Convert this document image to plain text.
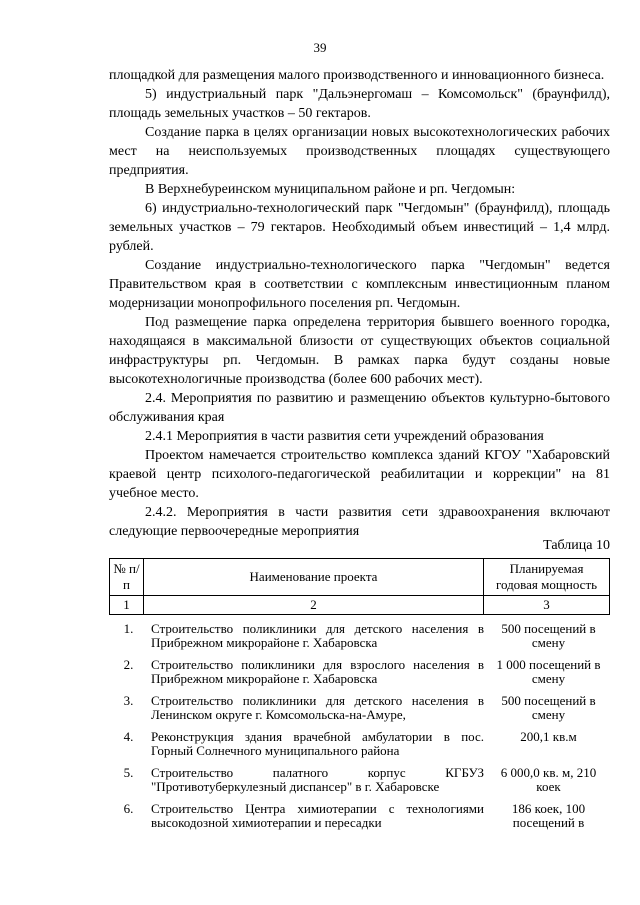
39

площадкой для размещения малого производственного и инновационного бизнеса.

5) индустриальный парк "Дальэнергомаш – Комсомольск" (браунфилд), площадь земельных участков – 50 гектаров.

Создание парка в целях организации новых высокотехнологических рабочих мест на неиспользуемых производственных площадях существующего предприятия.

В Верхнебуреинском муниципальном районе и рп. Чегдомын:

6) индустриально-технологический парк "Чегдомын" (браунфилд), площадь земельных участков – 79 гектаров. Необходимый объем инвестиций – 1,4 млрд. рублей.

Создание индустриально-технологического парка "Чегдомын" ведется Правительством края в соответствии с комплексным инвестиционным планом модернизации монопрофильного поселения рп. Чегдомын.

Под размещение парка определена территория бывшего военного городка, находящаяся в максимальной близости от существующих объектов социальной инфраструктуры рп. Чегдомын. В рамках парка будут созданы новые высокотехнологичные производства (более 600 рабочих мест).

2.4. Мероприятия по развитию и размещению объектов культурно-бытового обслуживания края

2.4.1 Мероприятия в части развития сети учреждений образования

Проектом намечается строительство комплекса зданий КГОУ "Хабаровский краевой центр психолого-педагогической реабилитации и коррекции" на 81 учебное место.

2.4.2. Мероприятия в части развития сети здравоохранения включают следующие первоочередные мероприятия

Таблица 10
№ п/п	Наименование проекта	Планируемая годовая мощность
1	2	3
1.	Строительство поликлиники для детского населения в Прибрежном микрорайоне г. Хабаровска	500 посещений в смену
2.	Строительство поликлиники для взрослого населения в Прибрежном микрорайоне г. Хабаровска	1 000 посещений в смену
3.	Строительство поликлиники для детского населения в Ленинском округе г. Комсомольска-на-Амуре,	500 посещений в смену
4.	Реконструкция здания врачебной амбулатории в пос. Горный Солнечного муниципального района	200,1 кв.м
5.	Строительство палатного корпус КГБУЗ "Противотуберкулезный диспансер" в г. Хабаровске	6 000,0 кв. м, 210 коек
6.	Строительство Центра химиотерапии с технологиями высокодозной химиотерапии и пересадки	186 коек, 100 посещений в
